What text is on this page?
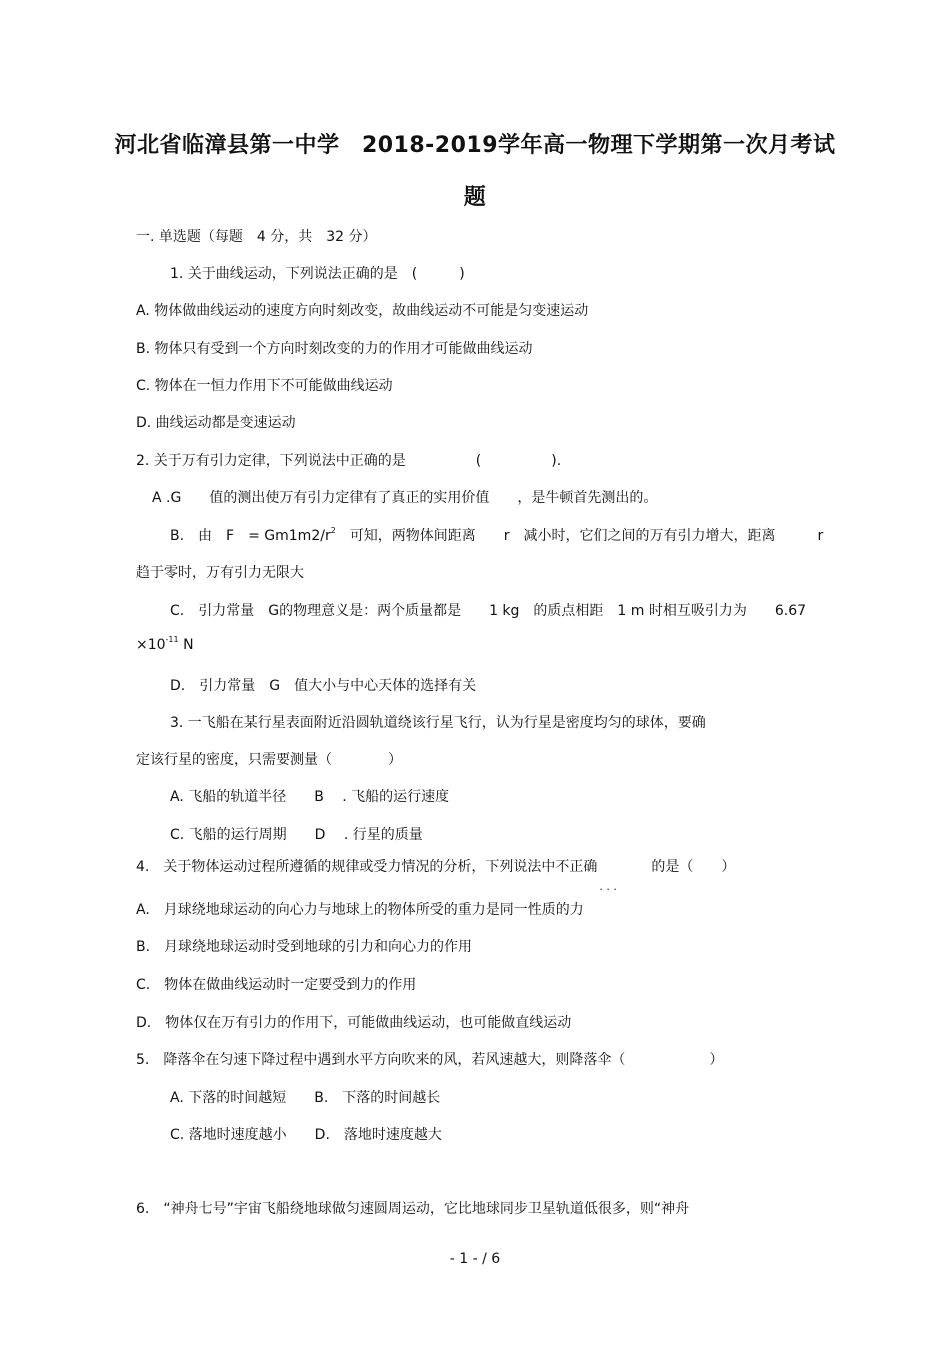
河北省临漳县第一中学　2018-2019学年高一物理下学期第一次月考试
题
一. 单选题（每题　4 分，共　32 分）
1. 关于曲线运动，下列说法正确的是　(　　　)
A. 物体做曲线运动的速度方向时刻改变，故曲线运动不可能是匀变速运动
B. 物体只有受到一个方向时刻改变的力的作用才可能做曲线运动
C. 物体在一恒力作用下不可能做曲线运动
D. 曲线运动都是变速运动
2. 关于万有引力定律，下列说法中正确的是　　　　　(　　　　　).
A .G　　值的测出使万有引力定律有了真正的实用价值　　，是牛顿首先测出的。
B.　由　F　= $Gm1m2/r^2$　可知，两物体间距离　　r　减小时，它们之间的万有引力增大，距离　　　r
趋于零时，万有引力无限大
C.　引力常量　G的物理意义是：两个质量都是　　1 kg　的质点相距　1 m 时相互吸引力为　　6.67
$\times 10^{-11}$ N
D.　引力常量　G　值大小与中心天体的选择有关
3. 一飞船在某行星表面附近沿圆轨道绕该行星飞行，认为行星是密度均匀的球体，要确
定该行星的密度，只需要测量（　　　　）
A. 飞船的轨道半径　　B　 . 飞船的运行速度
C. 飞船的运行周期　　D　 . 行星的质量
4.　关于物体运动过程所遵循的规律或受力情况的分析，下列说法中不正确
. . .
的是（　　）
A.　月球绕地球运动的向心力与地球上的物体所受的重力是同一性质的力
B.　月球绕地球运动时受到地球的引力和向心力的作用
C.　物体在做曲线运动时一定要受到力的作用
D.　物体仅在万有引力的作用下，可能做曲线运动，也可能做直线运动
5.　降落伞在匀速下降过程中遇到水平方向吹来的风，若风速越大，则降落伞（　　　　　　）
A. 下落的时间越短　　B.　下落的时间越长
C. 落地时速度越小　　D.　落地时速度越大
6.　“神舟七号”宇宙飞船绕地球做匀速圆周运动，它比地球同步卫星轨道低很多，则“神舟
- 1 - / 6
